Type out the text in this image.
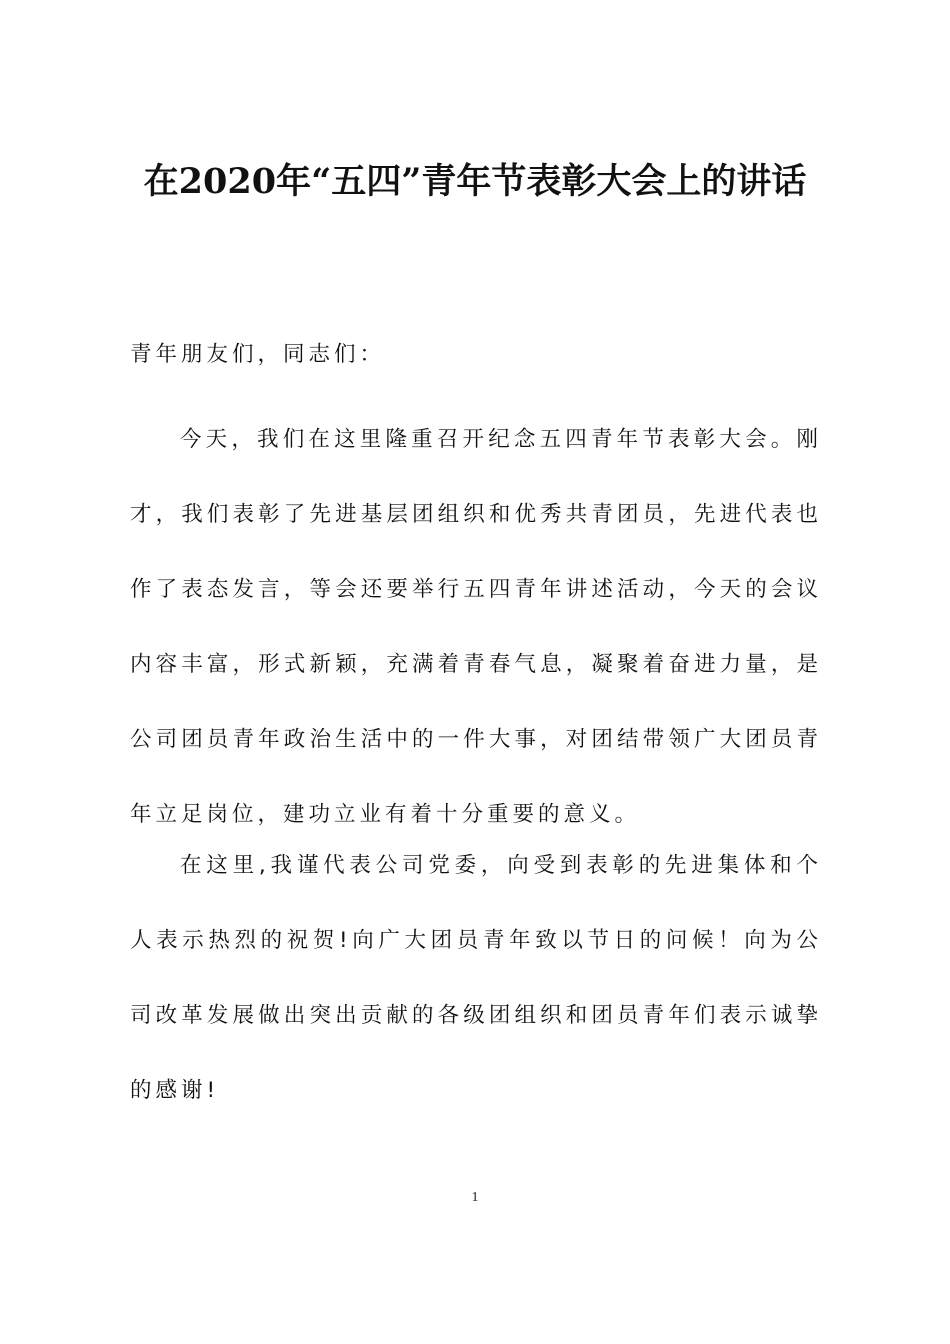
在2020年“五四”青年节表彰大会上的讲话
青年朋友们，同志们：
今天，我们在这里隆重召开纪念五四青年节表彰大会。刚才，我们表彰了先进基层团组织和优秀共青团员，先进代表也作了表态发言，等会还要举行五四青年讲述活动，今天的会议内容丰富，形式新颖，充满着青春气息，凝聚着奋进力量，是公司团员青年政治生活中的一件大事，对团结带领广大团员青年立足岗位，建功立业有着十分重要的意义。
在这里,我谨代表公司党委，向受到表彰的先进集体和个人表示热烈的祝贺!向广大团员青年致以节日的问候！向为公司改革发展做出突出贡献的各级团组织和团员青年们表示诚挚的感谢!
1
